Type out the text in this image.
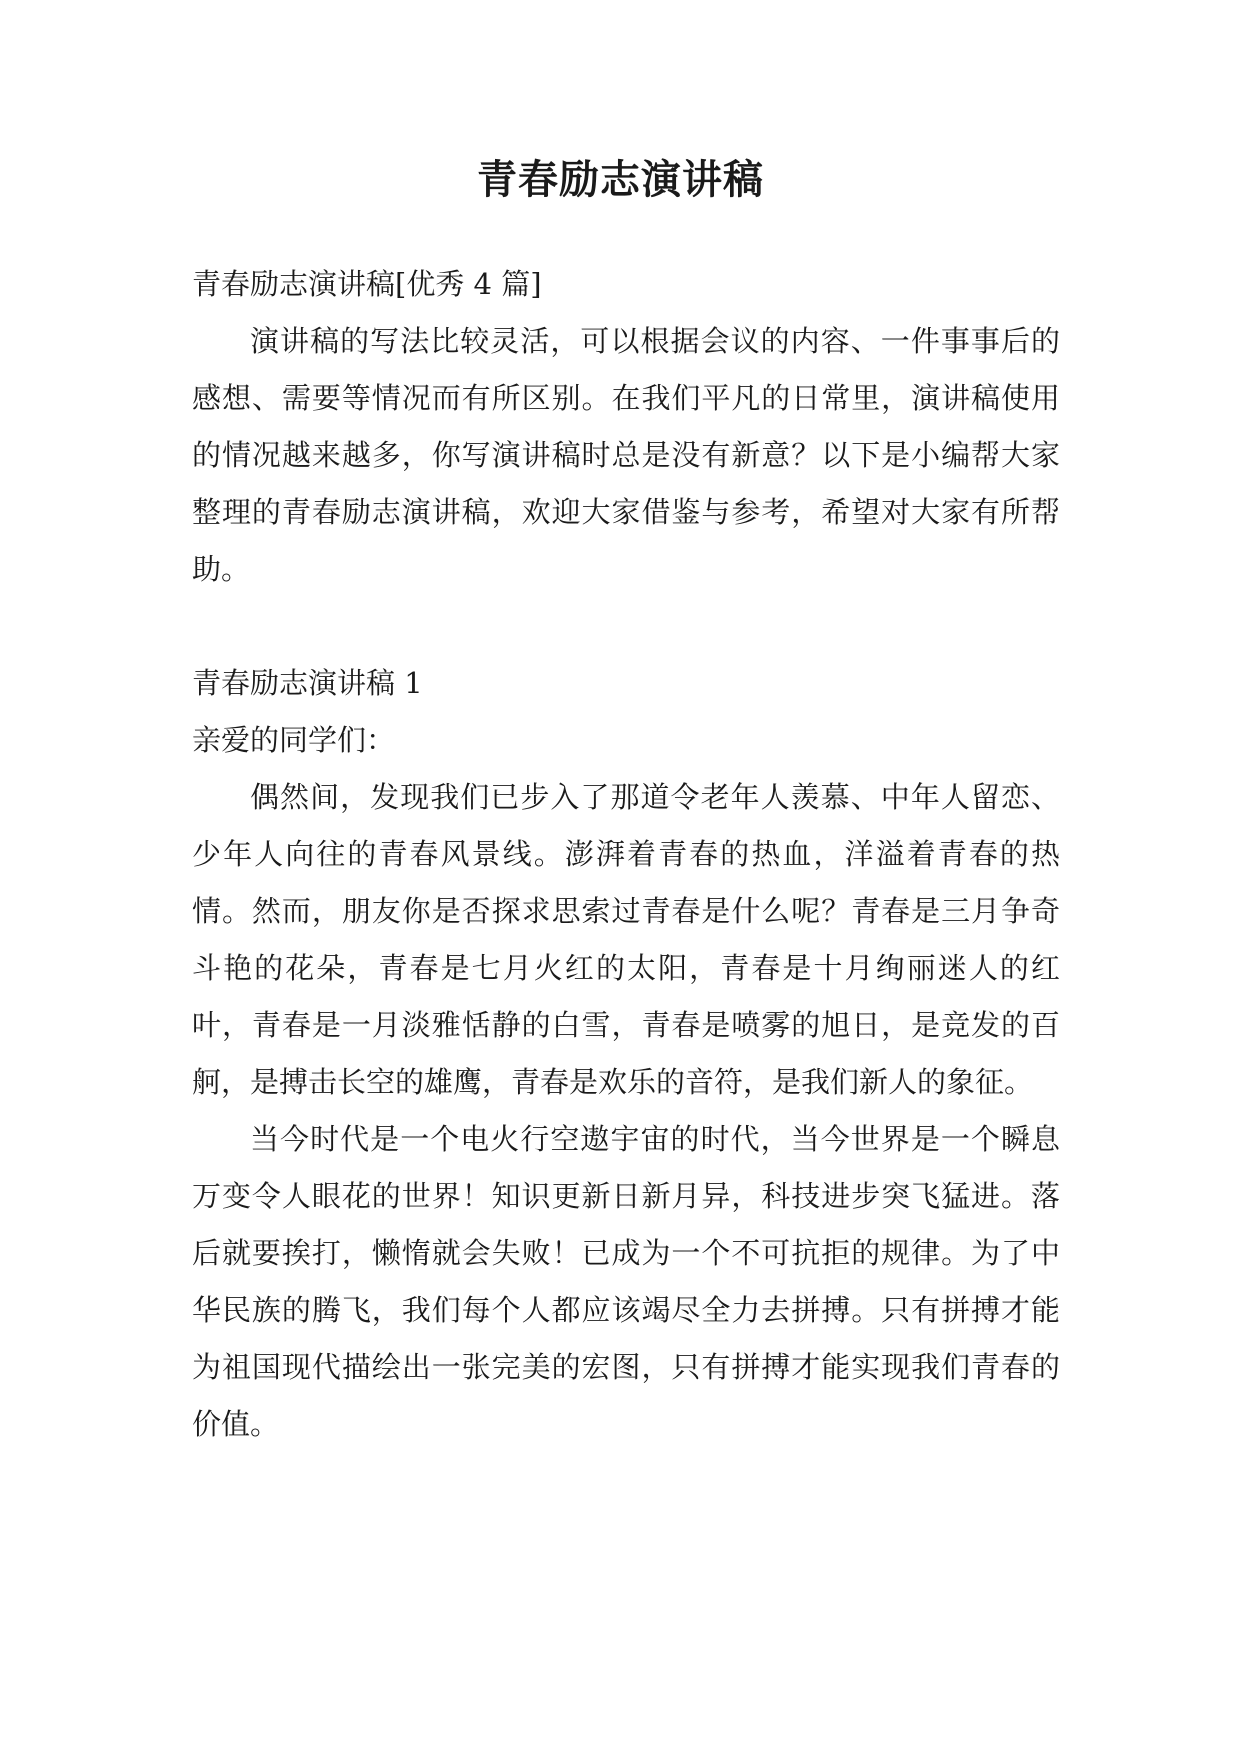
青春励志演讲稿

青春励志演讲稿[优秀 4 篇]

演讲稿的写法比较灵活，可以根据会议的内容、一件事事后的感想、需要等情况而有所区别。在我们平凡的日常里，演讲稿使用的情况越来越多，你写演讲稿时总是没有新意？以下是小编帮大家整理的青春励志演讲稿，欢迎大家借鉴与参考，希望对大家有所帮助。

青春励志演讲稿 1

亲爱的同学们：

偶然间，发现我们已步入了那道令老年人羡慕、中年人留恋、少年人向往的青春风景线。澎湃着青春的热血，洋溢着青春的热情。然而，朋友你是否探求思索过青春是什么呢？青春是三月争奇斗艳的花朵，青春是七月火红的太阳，青春是十月绚丽迷人的红叶，青春是一月淡雅恬静的白雪，青春是喷雾的旭日，是竞发的百舸，是搏击长空的雄鹰，青春是欢乐的音符，是我们新人的象征。

当今时代是一个电火行空遨宇宙的时代，当今世界是一个瞬息万变令人眼花的世界！知识更新日新月异，科技进步突飞猛进。落后就要挨打，懒惰就会失败！已成为一个不可抗拒的规律。为了中华民族的腾飞，我们每个人都应该竭尽全力去拼搏。只有拼搏才能为祖国现代描绘出一张完美的宏图，只有拼搏才能实现我们青春的价值。
